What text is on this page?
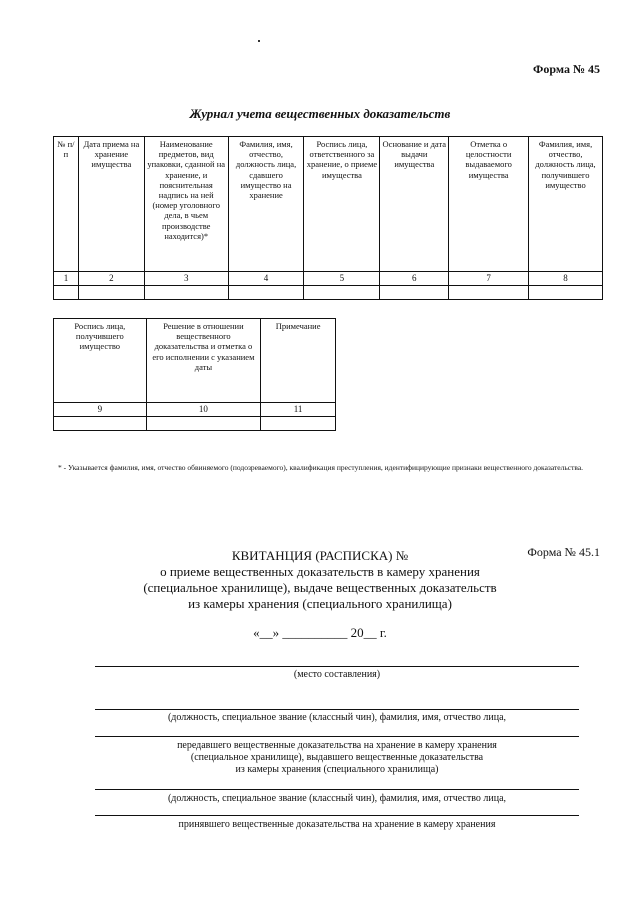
Форма № 45
Журнал учета вещественных доказательств
№ п/п	Дата приема на хранение имущества	Наименование предметов, вид упаковки, сданной на хранение, и пояснительная надпись на ней (номер уголовного дела, в чьем производстве находится)*	Фамилия, имя, отчество, должность лица, сдавшего имущество на хранение	Роспись лица, ответственного за хранение, о приеме имущества	Основание и дата выдачи имущества	Отметка о целостности выдаваемого имущества	Фамилия, имя, отчество, должность лица, получившего имущество
1	2	3	4	5	6	7	8

Роспись лица, получившего имущество	Решение в отношении вещественного доказательства и отметка о его исполнении с указанием даты	Примечание
9	10	11

* - Указывается фамилия, имя, отчество обвиняемого (подозреваемого), квалификация преступления, идентифицирующие признаки вещественного доказательства.
Форма № 45.1
КВИТАНЦИЯ (РАСПИСКА) №
о приеме вещественных доказательств в камеру хранения
(специальное хранилище), выдаче вещественных доказательств
из камеры хранения (специального хранилища)
«__» __________ 20__ г.
(место составления)
(должность, специальное звание (классный чин), фамилия, имя, отчество лица,
передавшего вещественные доказательства на хранение в камеру хранения
(специальное хранилище), выдавшего вещественные доказательства
из камеры хранения (специального хранилища)
(должность, специальное звание (классный чин), фамилия, имя, отчество лица,
принявшего вещественные доказательства на хранение в камеру хранения
